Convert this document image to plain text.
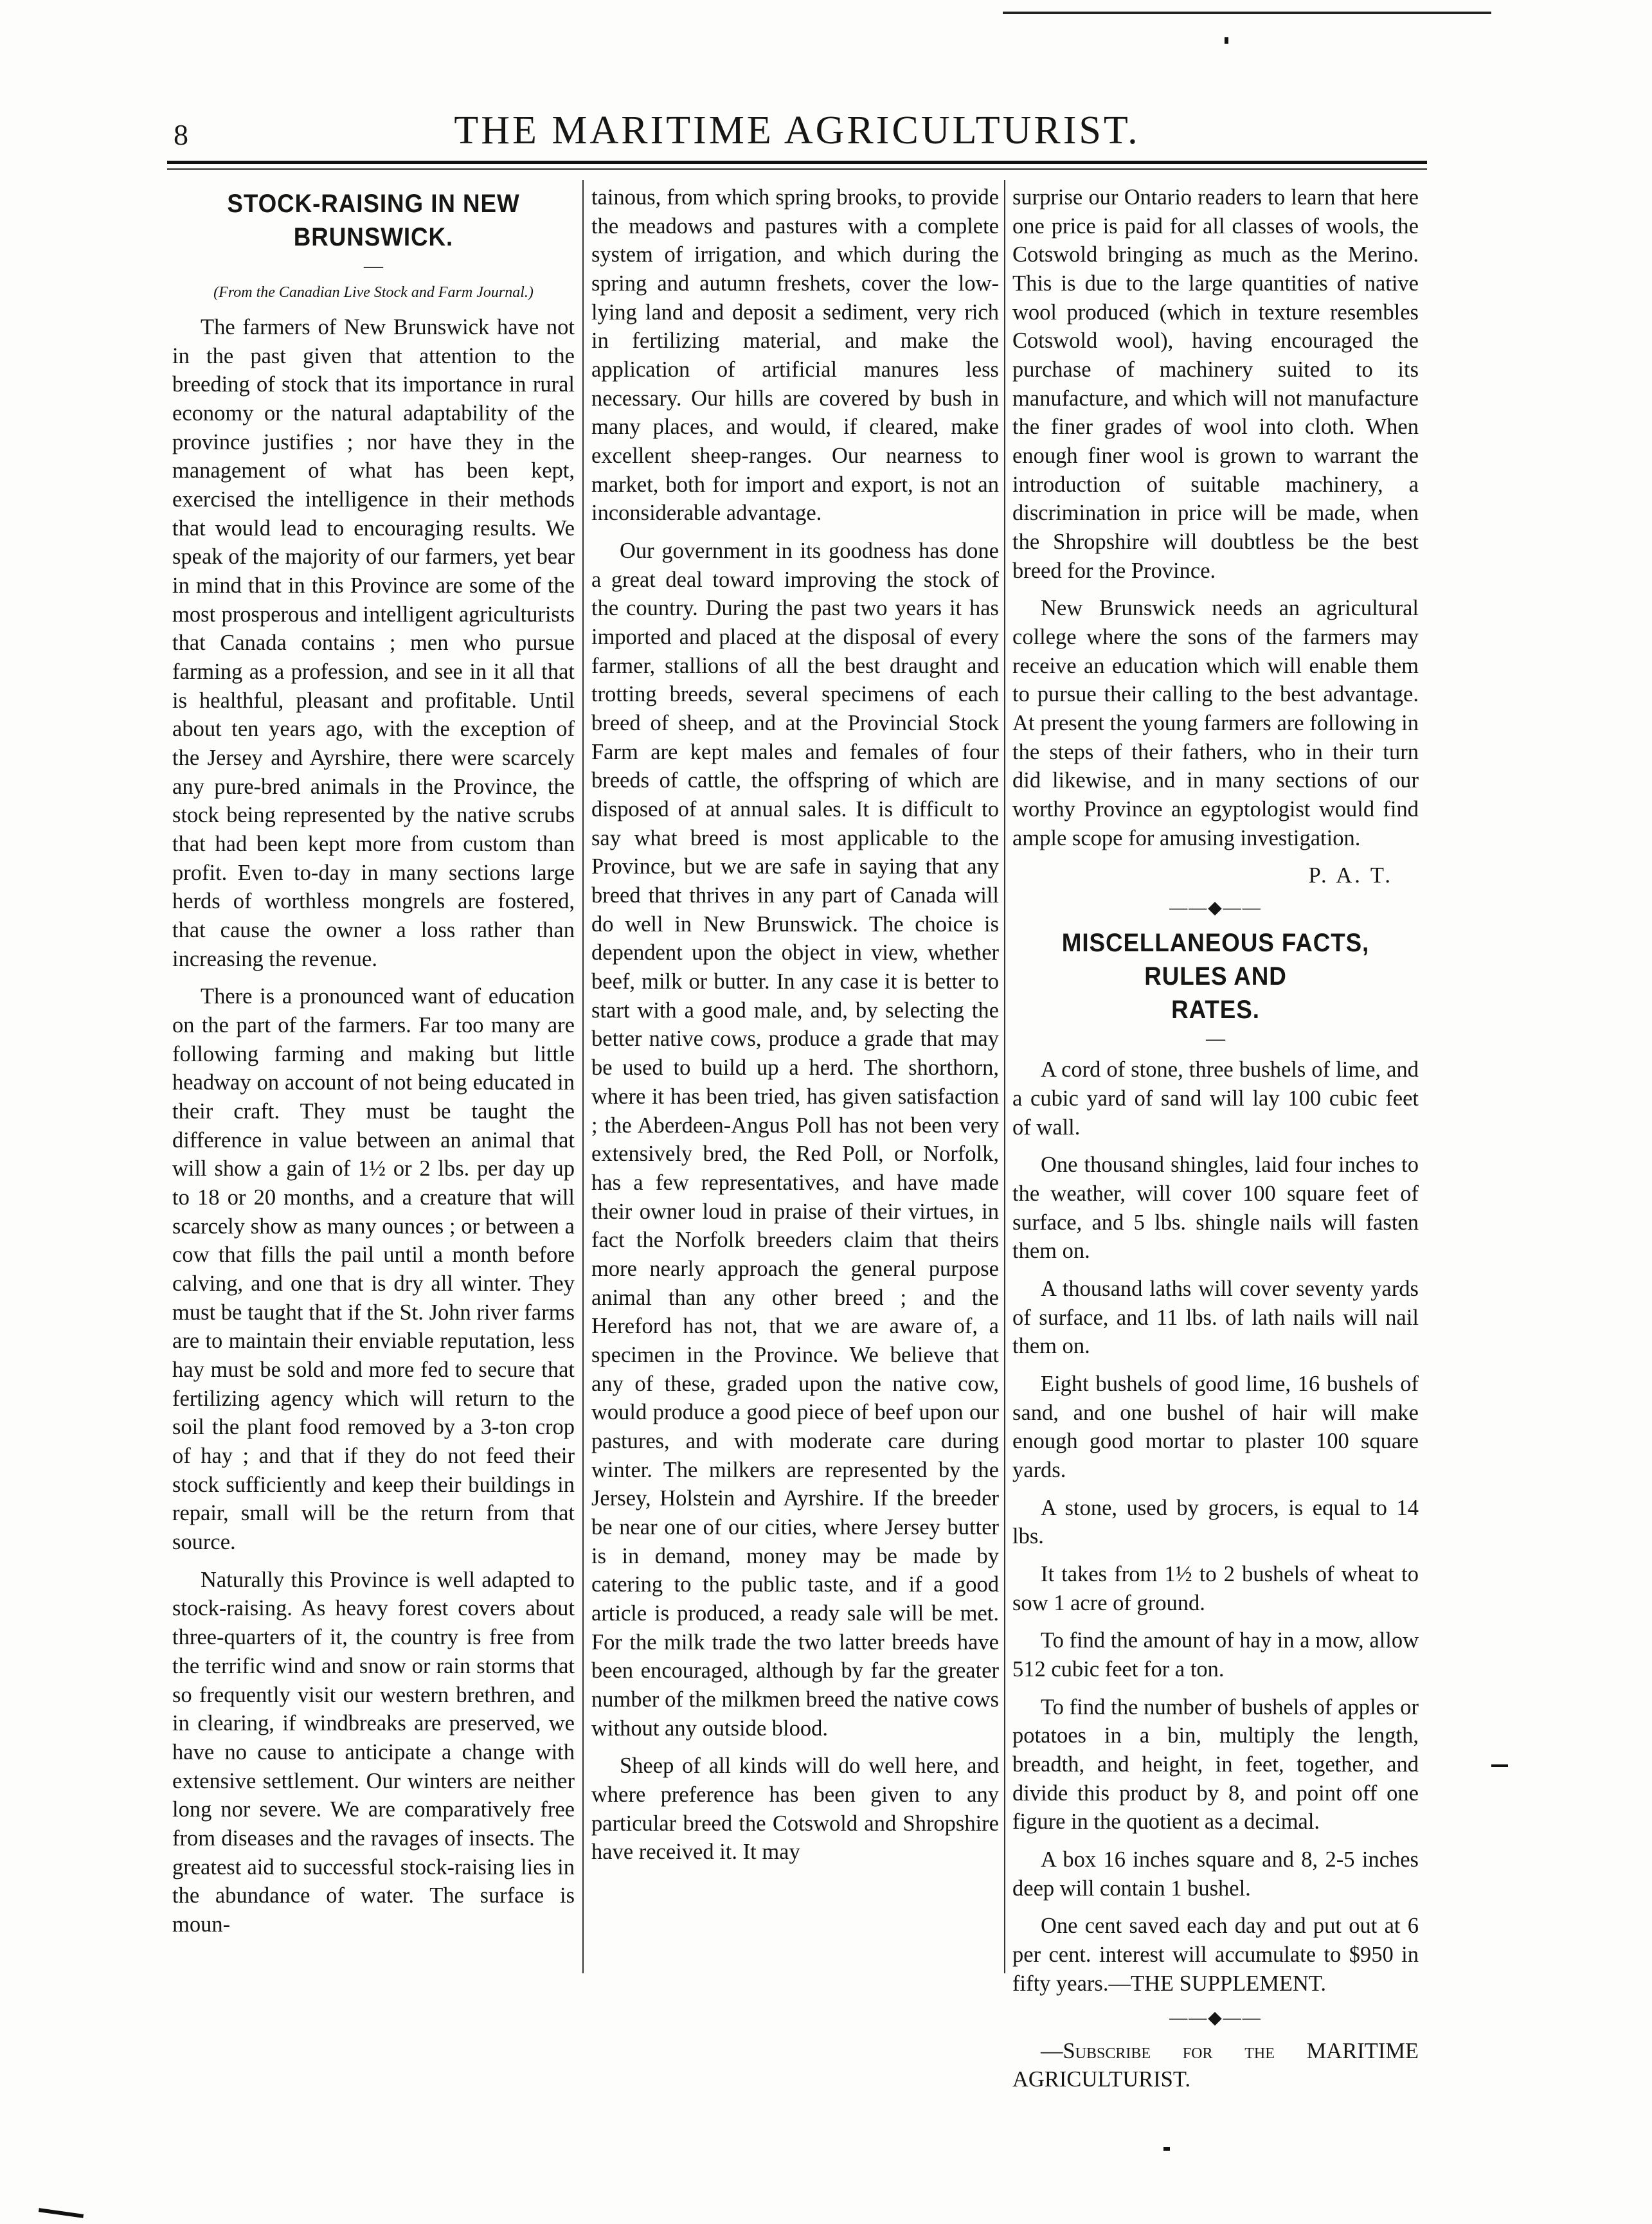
8	THE MARITIME AGRICULTURIST.
STOCK-RAISING IN NEW BRUNSWICK.
—
(From the Canadian Live Stock and Farm Journal.)

The farmers of New Brunswick have not in the past given that attention to the breeding of stock that its importance in rural economy or the natural adaptability of the province justifies ; nor have they in the management of what has been kept, exercised the intelligence in their methods that would lead to encouraging results. We speak of the majority of our farmers, yet bear in mind that in this Province are some of the most prosperous and intelligent agriculturists that Canada contains ; men who pursue farming as a profession, and see in it all that is healthful, pleasant and profitable. Until about ten years ago, with the exception of the Jersey and Ayrshire, there were scarcely any pure-bred animals in the Province, the stock being represented by the native scrubs that had been kept more from custom than profit. Even to-day in many sections large herds of worthless mongrels are fostered, that cause the owner a loss rather than increasing the revenue.

There is a pronounced want of education on the part of the farmers. Far too many are following farming and making but little headway on account of not being educated in their craft. They must be taught the difference in value between an animal that will show a gain of 1½ or 2 lbs. per day up to 18 or 20 months, and a creature that will scarcely show as many ounces ; or between a cow that fills the pail until a month before calving, and one that is dry all winter. They must be taught that if the St. John river farms are to maintain their enviable reputation, less hay must be sold and more fed to secure that fertilizing agency which will return to the soil the plant food removed by a 3-ton crop of hay ; and that if they do not feed their stock sufficiently and keep their buildings in repair, small will be the return from that source.

Naturally this Province is well adapted to stock-raising. As heavy forest covers about three-quarters of it, the country is free from the terrific wind and snow or rain storms that so frequently visit our western brethren, and in clearing, if windbreaks are preserved, we have no cause to anticipate a change with extensive settlement. Our winters are neither long nor severe. We are comparatively free from diseases and the ravages of insects. The greatest aid to successful stock-raising lies in the abundance of water. The surface is moun-

tainous, from which spring brooks, to provide the meadows and pastures with a complete system of irrigation, and which during the spring and autumn freshets, cover the low-lying land and deposit a sediment, very rich in fertilizing material, and make the application of artificial manures less necessary. Our hills are covered by bush in many places, and would, if cleared, make excellent sheep-ranges. Our nearness to market, both for import and export, is not an inconsiderable advantage.

Our government in its goodness has done a great deal toward improving the stock of the country. During the past two years it has imported and placed at the disposal of every farmer, stallions of all the best draught and trotting breeds, several specimens of each breed of sheep, and at the Provincial Stock Farm are kept males and females of four breeds of cattle, the offspring of which are disposed of at annual sales. It is difficult to say what breed is most applicable to the Province, but we are safe in saying that any breed that thrives in any part of Canada will do well in New Brunswick. The choice is dependent upon the object in view, whether beef, milk or butter. In any case it is better to start with a good male, and, by selecting the better native cows, produce a grade that may be used to build up a herd. The shorthorn, where it has been tried, has given satisfaction ; the Aberdeen-Angus Poll has not been very extensively bred, the Red Poll, or Norfolk, has a few representatives, and have made their owner loud in praise of their virtues, in fact the Norfolk breeders claim that theirs more nearly approach the general purpose animal than any other breed ; and the Hereford has not, that we are aware of, a specimen in the Province. We believe that any of these, graded upon the native cow, would produce a good piece of beef upon our pastures, and with moderate care during winter. The milkers are represented by the Jersey, Holstein and Ayrshire. If the breeder be near one of our cities, where Jersey butter is in demand, money may be made by catering to the public taste, and if a good article is produced, a ready sale will be met. For the milk trade the two latter breeds have been encouraged, although by far the greater number of the milkmen breed the native cows without any outside blood.

Sheep of all kinds will do well here, and where preference has been given to any particular breed the Cotswold and Shropshire have received it. It may

surprise our Ontario readers to learn that here one price is paid for all classes of wools, the Cotswold bringing as much as the Merino. This is due to the large quantities of native wool produced (which in texture resembles Cotswold wool), having encouraged the purchase of machinery suited to its manufacture, and which will not manufacture the finer grades of wool into cloth. When enough finer wool is grown to warrant the introduction of suitable machinery, a discrimination in price will be made, when the Shropshire will doubtless be the best breed for the Province.

New Brunswick needs an agricultural college where the sons of the farmers may receive an education which will enable them to pursue their calling to the best advantage. At present the young farmers are following in the steps of their fathers, who in their turn did likewise, and in many sections of our worthy Province an egyptologist would find ample scope for amusing investigation.

P. A. T.
——◆——
MISCELLANEOUS FACTS, RULES AND
RATES.
—

A cord of stone, three bushels of lime, and a cubic yard of sand will lay 100 cubic feet of wall.

One thousand shingles, laid four inches to the weather, will cover 100 square feet of surface, and 5 lbs. shingle nails will fasten them on.

A thousand laths will cover seventy yards of surface, and 11 lbs. of lath nails will nail them on.

Eight bushels of good lime, 16 bushels of sand, and one bushel of hair will make enough good mortar to plaster 100 square yards.

A stone, used by grocers, is equal to 14 lbs.

It takes from 1½ to 2 bushels of wheat to sow 1 acre of ground.

To find the amount of hay in a mow, allow 512 cubic feet for a ton.

To find the number of bushels of apples or potatoes in a bin, multiply the length, breadth, and height, in feet, together, and divide this product by 8, and point off one figure in the quotient as a decimal.

A box 16 inches square and 8, 2-5 inches deep will contain 1 bushel.

One cent saved each day and put out at 6 per cent. interest will accumulate to $950 in fifty years.—THE SUPPLEMENT.

——◆——

—Subscribe for the MARITIME AGRICULTURIST.
